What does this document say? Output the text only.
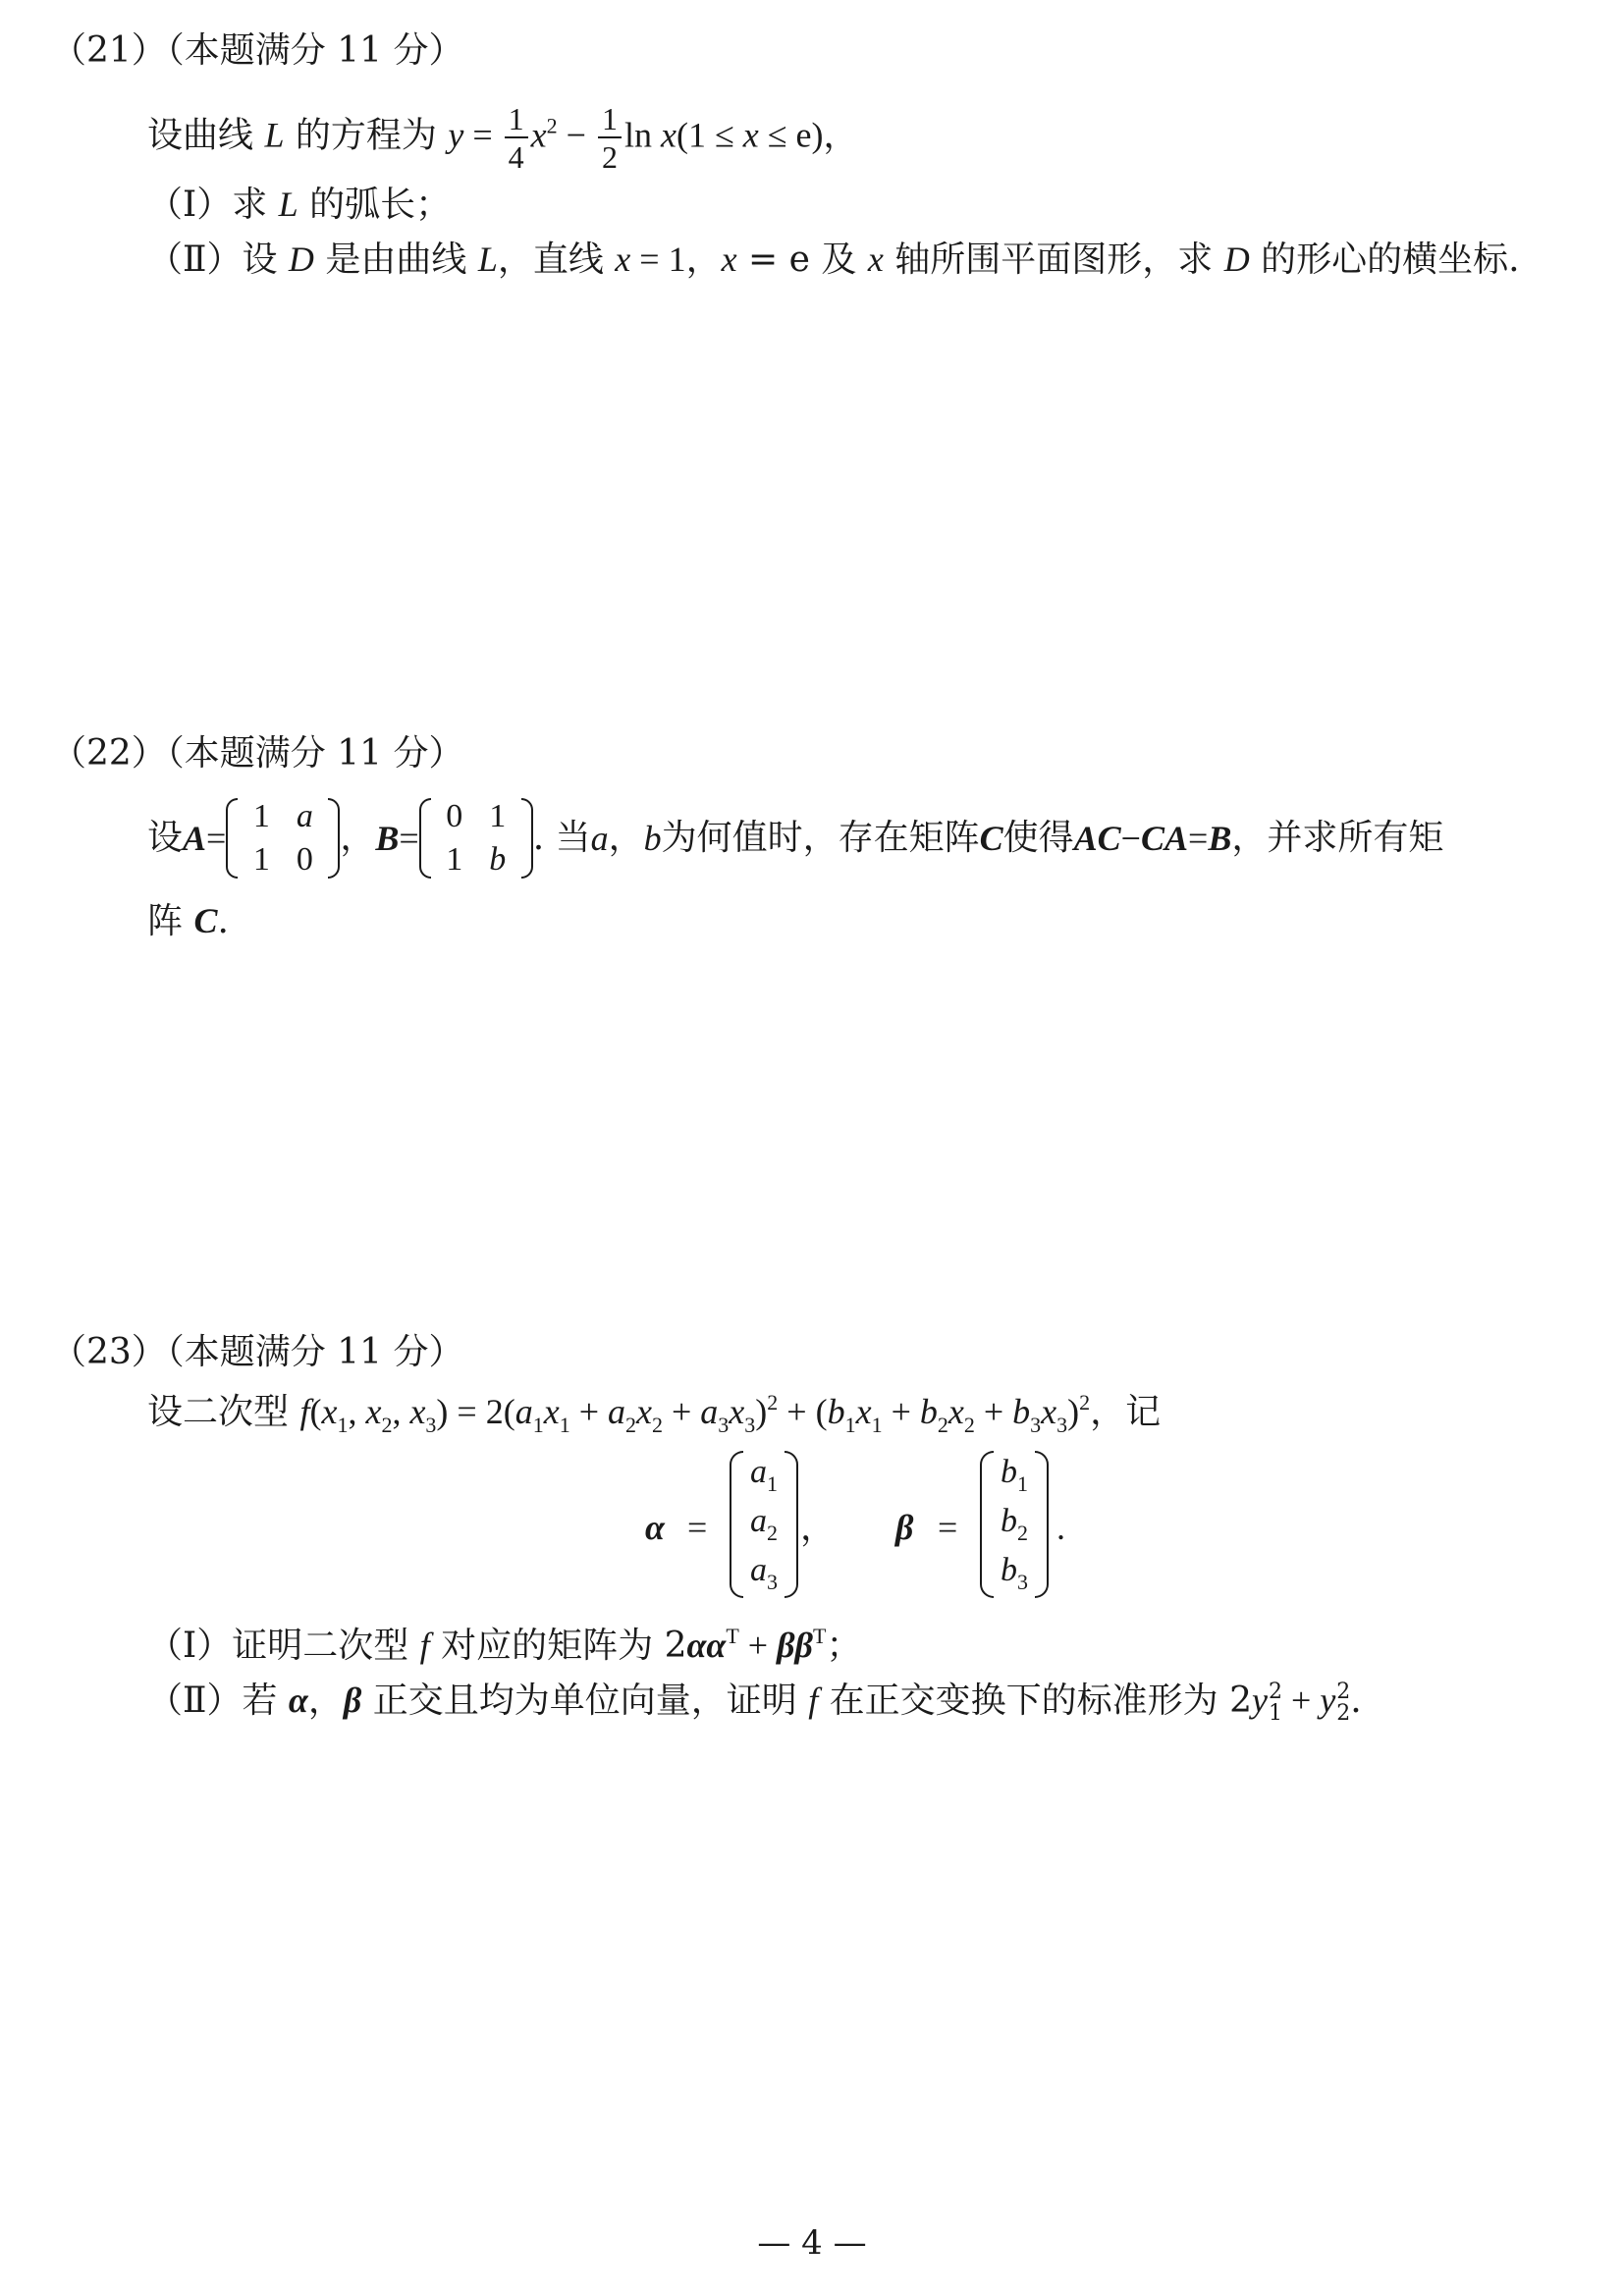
（21）（本题满分 11 分）
设曲线 L 的方程为 $y = \frac{1}{4} x^2 - \frac{1}{2}$ ln x(1 ≤ x ≤ e)，
（Ⅰ）求 L 的弧长；
（Ⅱ）设 D 是由曲线 L，直线 x = 1，x = e 及 x 轴所围平面图形，求 D 的形心的横坐标.
（22）（本题满分 11 分）
设 A =
1 a
1 0
， B =
0 1
1 b
. 当 a ， b 为何值时，存在矩阵 C 使得 AC − CA = B ，并求所有矩
阵 C.
（23）（本题满分 11 分）
设二次型 $f(x_1$, $x_2$, $x_3) = 2(a_1x_1 + a_2x_2 + a_3x_3)^2 + (b_1x_1 + b_2x_2 + b_3x_3)^2$，记
α =
$a_1$
$a_2$
$a_3$
， β =
$b_1$
$b_2$
$b_3$
.
（Ⅰ）证明二次型 f 对应的矩阵为 $2\alpha\alpha^T + \beta\beta^T$；
（Ⅱ）若 α，β 正交且均为单位向量，证明 f 在正交变换下的标准形为 2y 2
1 + y 2
2 .
— 4 —
